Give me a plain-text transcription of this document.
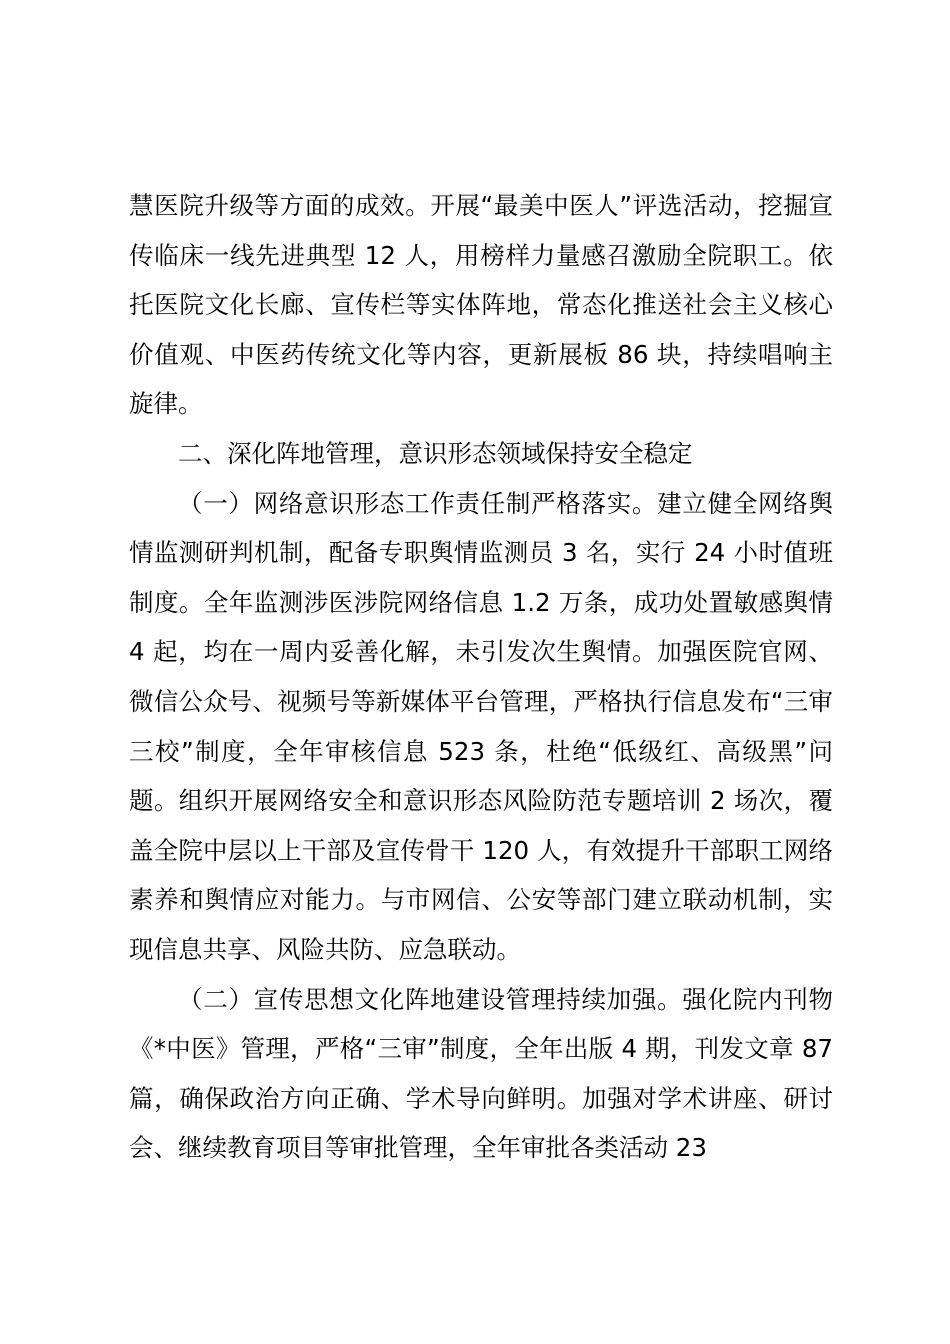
慧医院升级等方面的成效。开展“最美中医人”评选活动，挖掘宣传临床一线先进典型 12 人，用榜样力量感召激励全院职工。依托医院文化长廊、宣传栏等实体阵地，常态化推送社会主义核心价值观、中医药传统文化等内容，更新展板 86 块，持续唱响主旋律。

二、深化阵地管理，意识形态领域保持安全稳定

（一）网络意识形态工作责任制严格落实。建立健全网络舆情监测研判机制，配备专职舆情监测员 3 名，实行 24 小时值班制度。全年监测涉医涉院网络信息 1.2 万条，成功处置敏感舆情 4 起，均在一周内妥善化解，未引发次生舆情。加强医院官网、微信公众号、视频号等新媒体平台管理，严格执行信息发布“三审三校”制度，全年审核信息 523 条，杜绝“低级红、高级黑”问题。组织开展网络安全和意识形态风险防范专题培训 2 场次，覆盖全院中层以上干部及宣传骨干 120 人，有效提升干部职工网络素养和舆情应对能力。与市网信、公安等部门建立联动机制，实现信息共享、风险共防、应急联动。

（二）宣传思想文化阵地建设管理持续加强。强化院内刊物《*中医》管理，严格“三审”制度，全年出版 4 期，刊发文章 87 篇，确保政治方向正确、学术导向鲜明。加强对学术讲座、研讨会、继续教育项目等审批管理，全年审批各类活动 23
